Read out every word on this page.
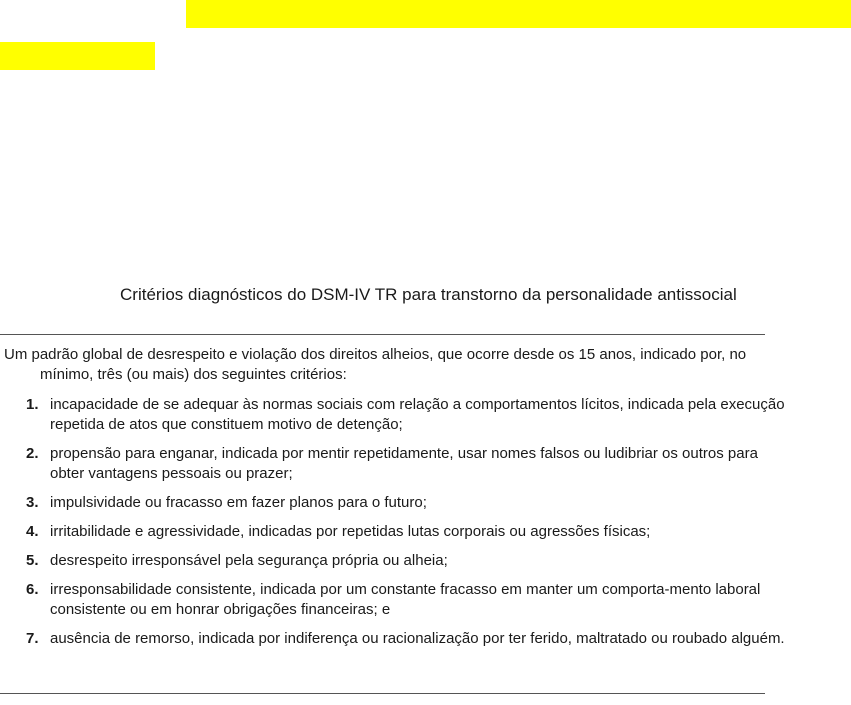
Critérios diagnósticos do DSM-IV TR para transtorno da personalidade antissocial
Um padrão global de desrespeito e violação dos direitos alheios, que ocorre desde os 15 anos, indicado por, no mínimo, três (ou mais) dos seguintes critérios:
1. incapacidade de se adequar às normas sociais com relação a comportamentos lícitos, indicada pela execução repetida de atos que constituem motivo de detenção;
2. propensão para enganar, indicada por mentir repetidamente, usar nomes falsos ou ludibriar os outros para obter vantagens pessoais ou prazer;
3. impulsividade ou fracasso em fazer planos para o futuro;
4. irritabilidade e agressividade, indicadas por repetidas lutas corporais ou agressões físicas;
5. desrespeito irresponsável pela segurança própria ou alheia;
6. irresponsabilidade consistente, indicada por um constante fracasso em manter um comporta-mento laboral consistente ou em honrar obrigações financeiras; e
7. ausência de remorso, indicada por indiferença ou racionalização por ter ferido, maltratado ou roubado alguém.
